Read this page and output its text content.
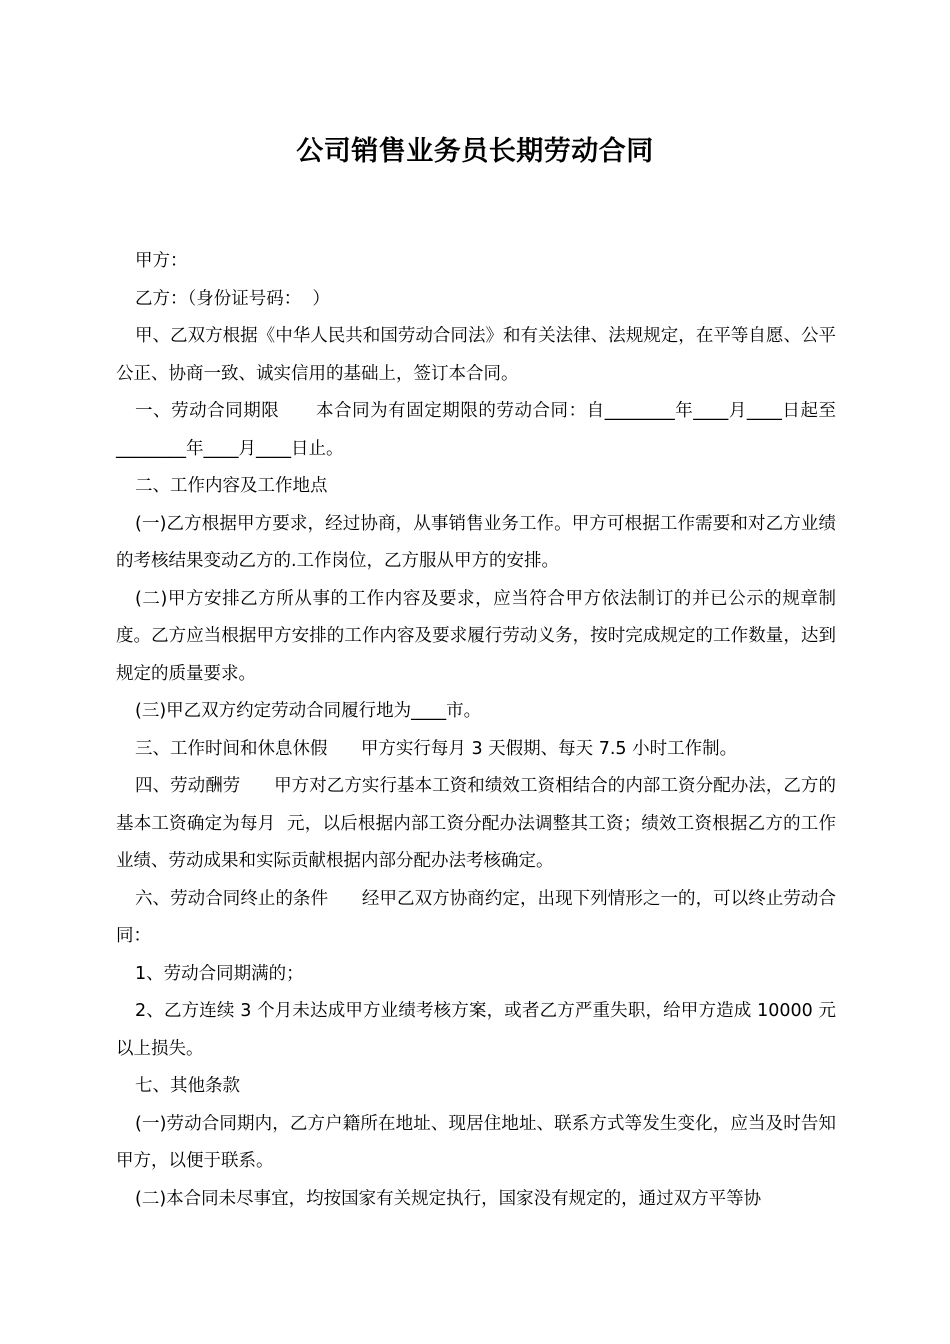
公司销售业务员长期劳动合同

甲方：

乙方：（身份证号码：  ）

甲、乙双方根据《中华人民共和国劳动合同法》和有关法律、法规规定，在平等自愿、公平公正、协商一致、诚实信用的基础上，签订本合同。

一、劳动合同期限      本合同为有固定期限的劳动合同：自________年____月____日起至________年____月____日止。

二、工作内容及工作地点

(一)乙方根据甲方要求，经过协商，从事销售业务工作。甲方可根据工作需要和对乙方业绩的考核结果变动乙方的.工作岗位，乙方服从甲方的安排。

(二)甲方安排乙方所从事的工作内容及要求，应当符合甲方依法制订的并已公示的规章制度。乙方应当根据甲方安排的工作内容及要求履行劳动义务，按时完成规定的工作数量，达到规定的质量要求。

(三)甲乙双方约定劳动合同履行地为____市。

三、工作时间和休息休假      甲方实行每月 3 天假期、每天 7.5 小时工作制。

四、劳动酬劳      甲方对乙方实行基本工资和绩效工资相结合的内部工资分配办法，乙方的基本工资确定为每月  元，以后根据内部工资分配办法调整其工资；绩效工资根据乙方的工作业绩、劳动成果和实际贡献根据内部分配办法考核确定。

六、劳动合同终止的条件      经甲乙双方协商约定，出现下列情形之一的，可以终止劳动合同：

1、劳动合同期满的；

2、乙方连续 3 个月未达成甲方业绩考核方案，或者乙方严重失职，给甲方造成 10000 元以上损失。

七、其他条款

(一)劳动合同期内，乙方户籍所在地址、现居住地址、联系方式等发生变化，应当及时告知甲方，以便于联系。

(二)本合同未尽事宜，均按国家有关规定执行，国家没有规定的，通过双方平等协
